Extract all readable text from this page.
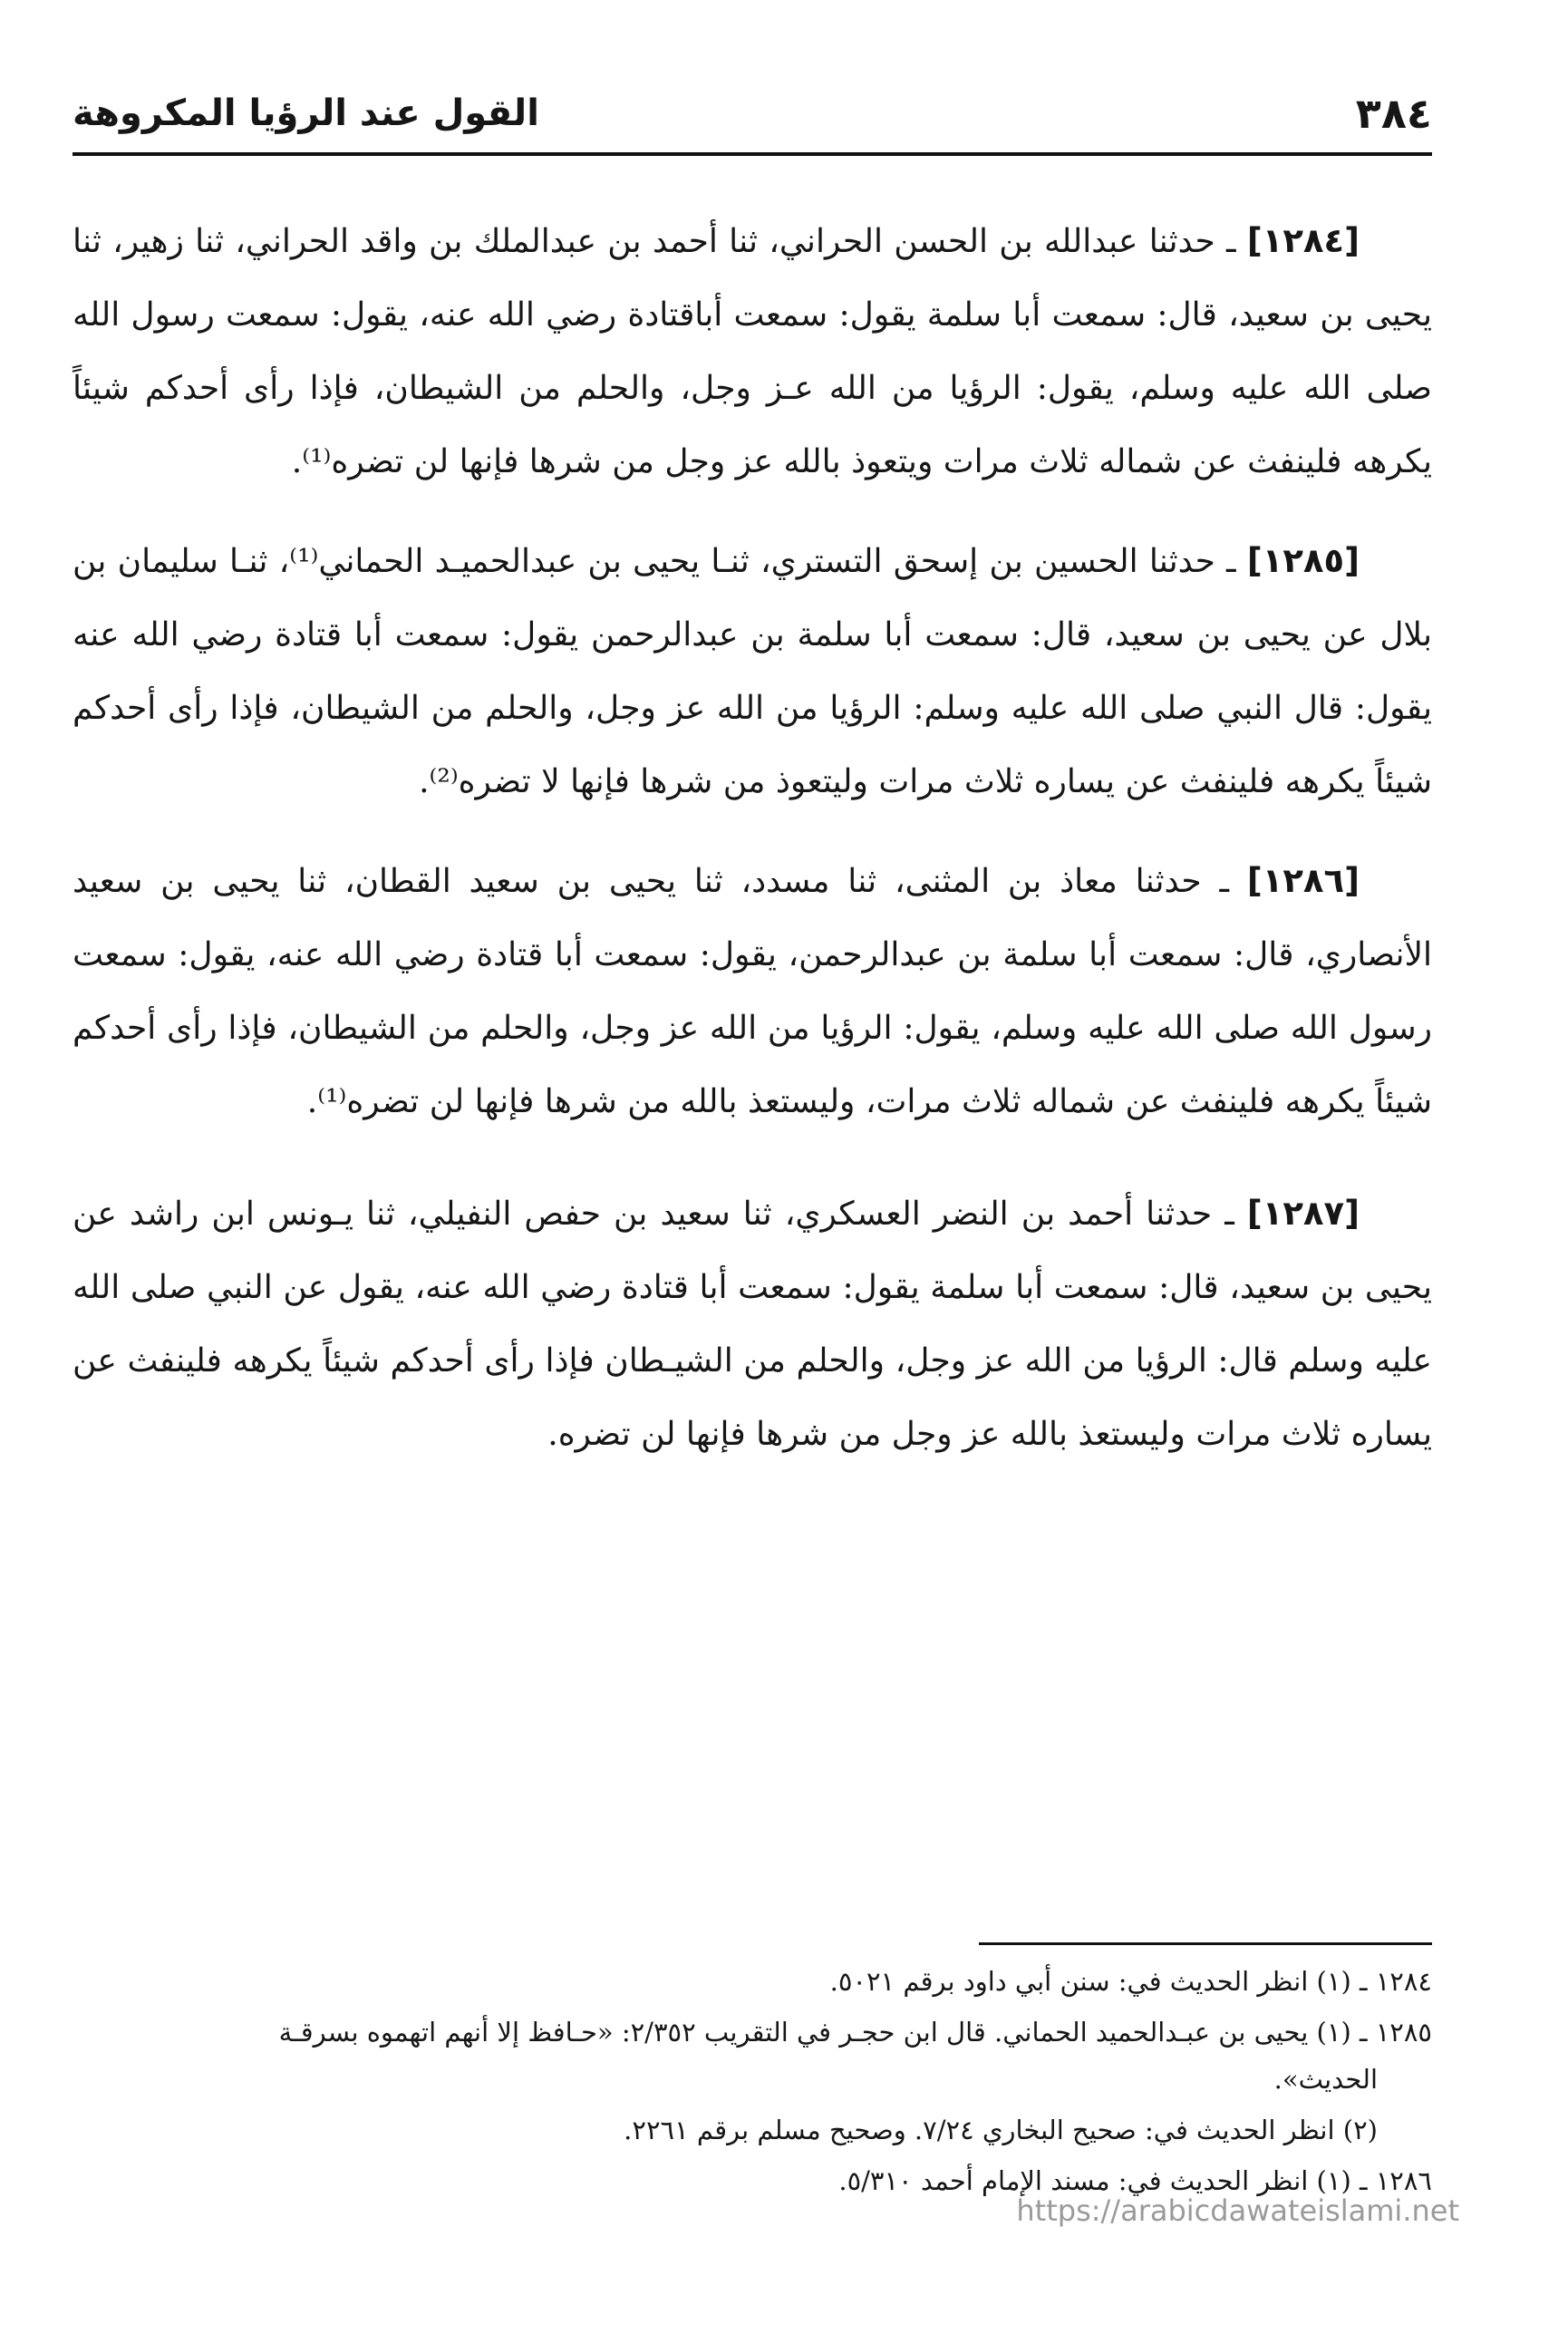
٣٨٤
القول عند الرؤيا المكروهة

[١٢٨٤] ـ حدثنا عبدالله بن الحسن الحراني، ثنا أحمد بن عبدالملك بن واقد الحراني، ثنا زهير، ثنا يحيى بن سعيد، قال: سمعت أبا سلمة يقول: سمعت أباقتادة رضي الله عنه، يقول: سمعت رسول الله صلى الله عليه وسلم، يقول: الرؤيا من الله عـز وجل، والحلم من الشيطان، فإذا رأى أحدكم شيئاً يكرهه فلينفث عن شماله ثلاث مرات ويتعوذ بالله عز وجل من شرها فإنها لن تضره⁽¹⁾.

[١٢٨٥] ـ حدثنا الحسين بن إسحق التستري، ثنـا يحيى بن عبدالحميـد الحماني⁽¹⁾، ثنـا سليمان بن بلال عن يحيى بن سعيد، قال: سمعت أبا سلمة بن عبدالرحمن يقول: سمعت أبا قتادة رضي الله عنه يقول: قال النبي صلى الله عليه وسلم: الرؤيا من الله عز وجل، والحلم من الشيطان، فإذا رأى أحدكم شيئاً يكرهه فلينفث عن يساره ثلاث مرات وليتعوذ من شرها فإنها لا تضره⁽²⁾.

[١٢٨٦] ـ حدثنا معاذ بن المثنى، ثنا مسدد، ثنا يحيى بن سعيد القطان، ثنا يحيى بن سعيد الأنصاري، قال: سمعت أبا سلمة بن عبدالرحمن، يقول: سمعت أبا قتادة رضي الله عنه، يقول: سمعت رسول الله صلى الله عليه وسلم، يقول: الرؤيا من الله عز وجل، والحلم من الشيطان، فإذا رأى أحدكم شيئاً يكرهه فلينفث عن شماله ثلاث مرات، وليستعذ بالله من شرها فإنها لن تضره⁽¹⁾.

[١٢٨٧] ـ حدثنا أحمد بن النضر العسكري، ثنا سعيد بن حفص النفيلي، ثنا يـونس ابن راشد عن يحيى بن سعيد، قال: سمعت أبا سلمة يقول: سمعت أبا قتادة رضي الله عنه، يقول عن النبي صلى الله عليه وسلم قال: الرؤيا من الله عز وجل، والحلم من الشيـطان فإذا رأى أحدكم شيئاً يكرهه فلينفث عن يساره ثلاث مرات وليستعذ بالله عز وجل من شرها فإنها لن تضره.

١٢٨٤ ـ (١) انظر الحديث في: سنن أبي داود برقم ٥٠٢١.

١٢٨٥ ـ (١) يحيى بن عبـدالحميد الحماني. قال ابن حجـر في التقريب ٢/٣٥٢: «حـافظ إلا أنهم اتهموه بسرقـة
الحديث».

(٢) انظر الحديث في: صحيح البخاري ٧/٢٤. وصحيح مسلم برقم ٢٢٦١.

١٢٨٦ ـ (١) انظر الحديث في: مسند الإمام أحمد ٥/٣١٠.

https://arabicdawateislami.net
